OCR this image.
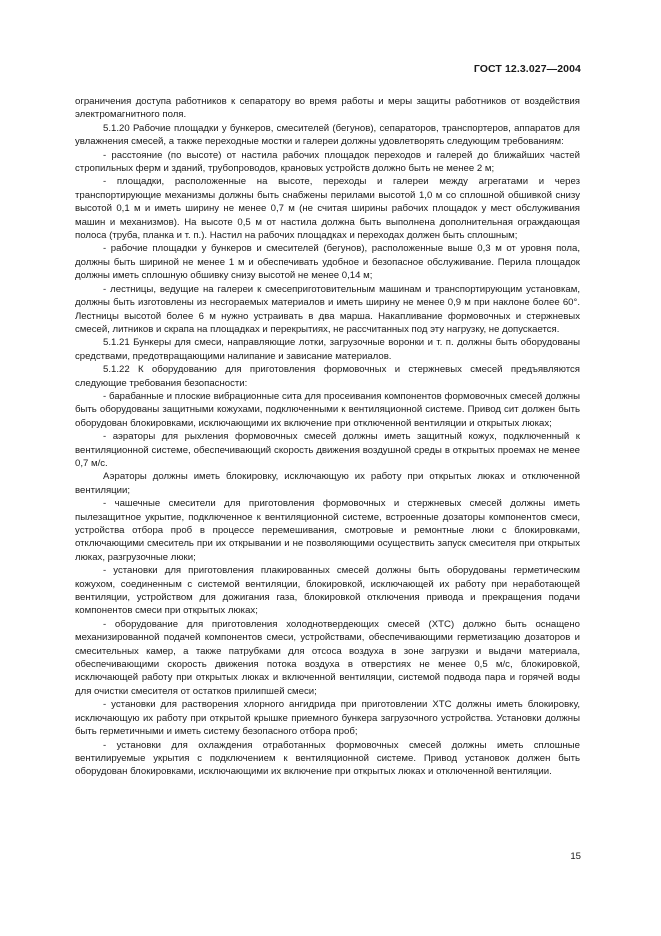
ГОСТ 12.3.027—2004

ограничения доступа работников к сепаратору во время работы и меры защиты работников от воздействия электромагнитного поля.

5.1.20 Рабочие площадки у бункеров, смесителей (бегунов), сепараторов, транспортеров, аппаратов для увлажнения смесей, а также переходные мостки и галереи должны удовлетворять следующим требованиям:

- расстояние (по высоте) от настила рабочих площадок переходов и галерей до ближайших частей стропильных ферм и зданий, трубопроводов, крановых устройств должно быть не менее 2 м;

- площадки, расположенные на высоте, переходы и галереи между агрегатами и через транспортирующие механизмы должны быть снабжены перилами высотой 1,0 м со сплошной обшивкой снизу высотой 0,1 м и иметь ширину не менее 0,7 м (не считая ширины рабочих площадок у мест обслуживания машин и механизмов). На высоте 0,5 м от настила должна быть выполнена дополнительная ограждающая полоса (труба, планка и т. п.). Настил на рабочих площадках и переходах должен быть сплошным;

- рабочие площадки у бункеров и смесителей (бегунов), расположенные выше 0,3 м от уровня пола, должны быть шириной не менее 1 м и обеспечивать удобное и безопасное обслуживание. Перила площадок должны иметь сплошную обшивку снизу высотой не менее 0,14 м;

- лестницы, ведущие на галереи к смесеприготовительным машинам и транспортирующим установкам, должны быть изготовлены из несгораемых материалов и иметь ширину не менее 0,9 м при наклоне более 60°. Лестницы высотой более 6 м нужно устраивать в два марша. Накапливание формовочных и стержневых смесей, литников и скрапа на площадках и перекрытиях, не рассчитанных под эту нагрузку, не допускается.

5.1.21 Бункеры для смеси, направляющие лотки, загрузочные воронки и т. п. должны быть оборудованы средствами, предотвращающими налипание и зависание материалов.

5.1.22 К оборудованию для приготовления формовочных и стержневых смесей предъявляются следующие требования безопасности:

- барабанные и плоские вибрационные сита для просеивания компонентов формовочных смесей должны быть оборудованы защитными кожухами, подключенными к вентиляционной системе. Привод сит должен быть оборудован блокировками, исключающими их включение при отключенной вентиляции и открытых люках;

- аэраторы для рыхления формовочных смесей должны иметь защитный кожух, подключенный к вентиляционной системе, обеспечивающий скорость движения воздушной среды в открытых проемах не менее 0,7 м/с.

Аэраторы должны иметь блокировку, исключающую их работу при открытых люках и отключенной вентиляции;

- чашечные смесители для приготовления формовочных и стержневых смесей должны иметь пылезащитное укрытие, подключенное к вентиляционной системе, встроенные дозаторы компонентов смеси, устройства отбора проб в процессе перемешивания, смотровые и ремонтные люки с блокировками, отключающими смеситель при их открывании и не позволяющими осуществить запуск смесителя при открытых люках, разгрузочные люки;

- установки для приготовления плакированных смесей должны быть оборудованы герметическим кожухом, соединенным с системой вентиляции, блокировкой, исключающей их работу при неработающей вентиляции, устройством для дожигания газа, блокировкой отключения привода и прекращения подачи компонентов смеси при открытых люках;

- оборудование для приготовления холоднотвердеющих смесей (ХТС) должно быть оснащено механизированной подачей компонентов смеси, устройствами, обеспечивающими герметизацию дозаторов и смесительных камер, а также патрубками для отсоса воздуха в зоне загрузки и выдачи материала, обеспечивающими скорость движения потока воздуха в отверстиях не менее 0,5 м/с, блокировкой, исключающей работу при открытых люках и включенной вентиляции, системой подвода пара и горячей воды для очистки смесителя от остатков прилипшей смеси;

- установки для растворения хлорного ангидрида при приготовлении ХТС должны иметь блокировку, исключающую их работу при открытой крышке приемного бункера загрузочного устройства. Установки должны быть герметичными и иметь систему безопасного отбора проб;

- установки для охлаждения отработанных формовочных смесей должны иметь сплошные вентилируемые укрытия с подключением к вентиляционной системе. Привод установок должен быть оборудован блокировками, исключающими их включение при открытых люках и отключенной вентиляции.

15
